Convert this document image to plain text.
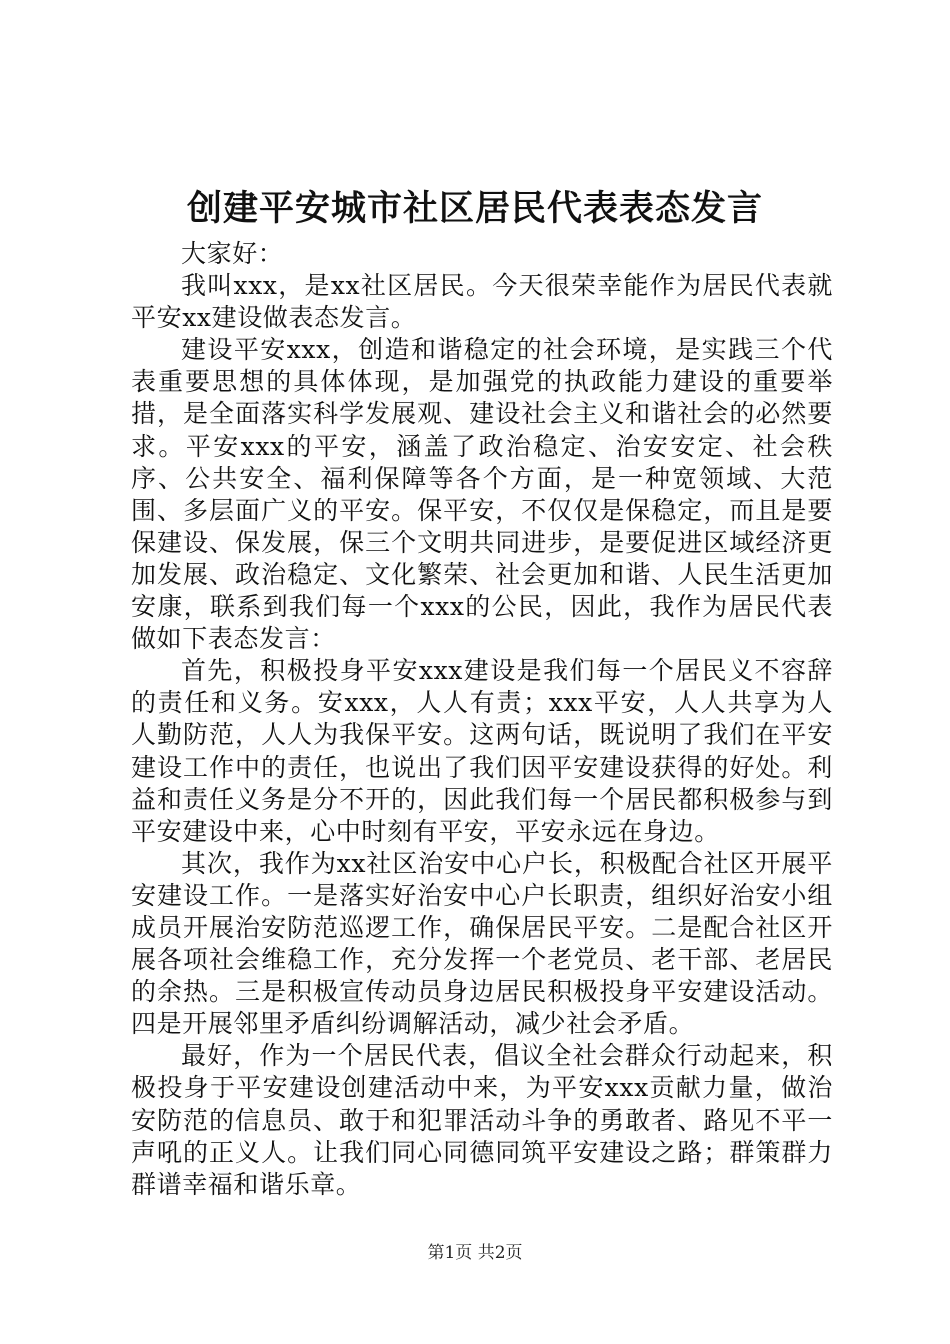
创建平安城市社区居民代表表态发言

大家好：

我叫xxx，是xx社区居民。今天很荣幸能作为居民代表就平安xx建设做表态发言。

建设平安xxx，创造和谐稳定的社会环境，是实践三个代表重要思想的具体体现，是加强党的执政能力建设的重要举措，是全面落实科学发展观、建设社会主义和谐社会的必然要求。平安xxx的平安，涵盖了政治稳定、治安安定、社会秩序、公共安全、福利保障等各个方面，是一种宽领域、大范围、多层面广义的平安。保平安，不仅仅是保稳定，而且是要保建设、保发展，保三个文明共同进步，是要促进区域经济更加发展、政治稳定、文化繁荣、社会更加和谐、人民生活更加安康，联系到我们每一个xxx的公民，因此，我作为居民代表做如下表态发言：

首先，积极投身平安xxx建设是我们每一个居民义不容辞的责任和义务。安xxx，人人有责；xxx平安，人人共享为人人勤防范，人人为我保平安。这两句话，既说明了我们在平安建设工作中的责任，也说出了我们因平安建设获得的好处。利益和责任义务是分不开的，因此我们每一个居民都积极参与到平安建设中来，心中时刻有平安，平安永远在身边。

其次，我作为xx社区治安中心户长，积极配合社区开展平安建设工作。一是落实好治安中心户长职责，组织好治安小组成员开展治安防范巡逻工作，确保居民平安。二是配合社区开展各项社会维稳工作，充分发挥一个老党员、老干部、老居民的余热。三是积极宣传动员身边居民积极投身平安建设活动。四是开展邻里矛盾纠纷调解活动，减少社会矛盾。

最好，作为一个居民代表，倡议全社会群众行动起来，积极投身于平安建设创建活动中来，为平安xxx贡献力量，做治安防范的信息员、敢于和犯罪活动斗争的勇敢者、路见不平一声吼的正义人。让我们同心同德同筑平安建设之路；群策群力群谱幸福和谐乐章。

第1页 共2页
